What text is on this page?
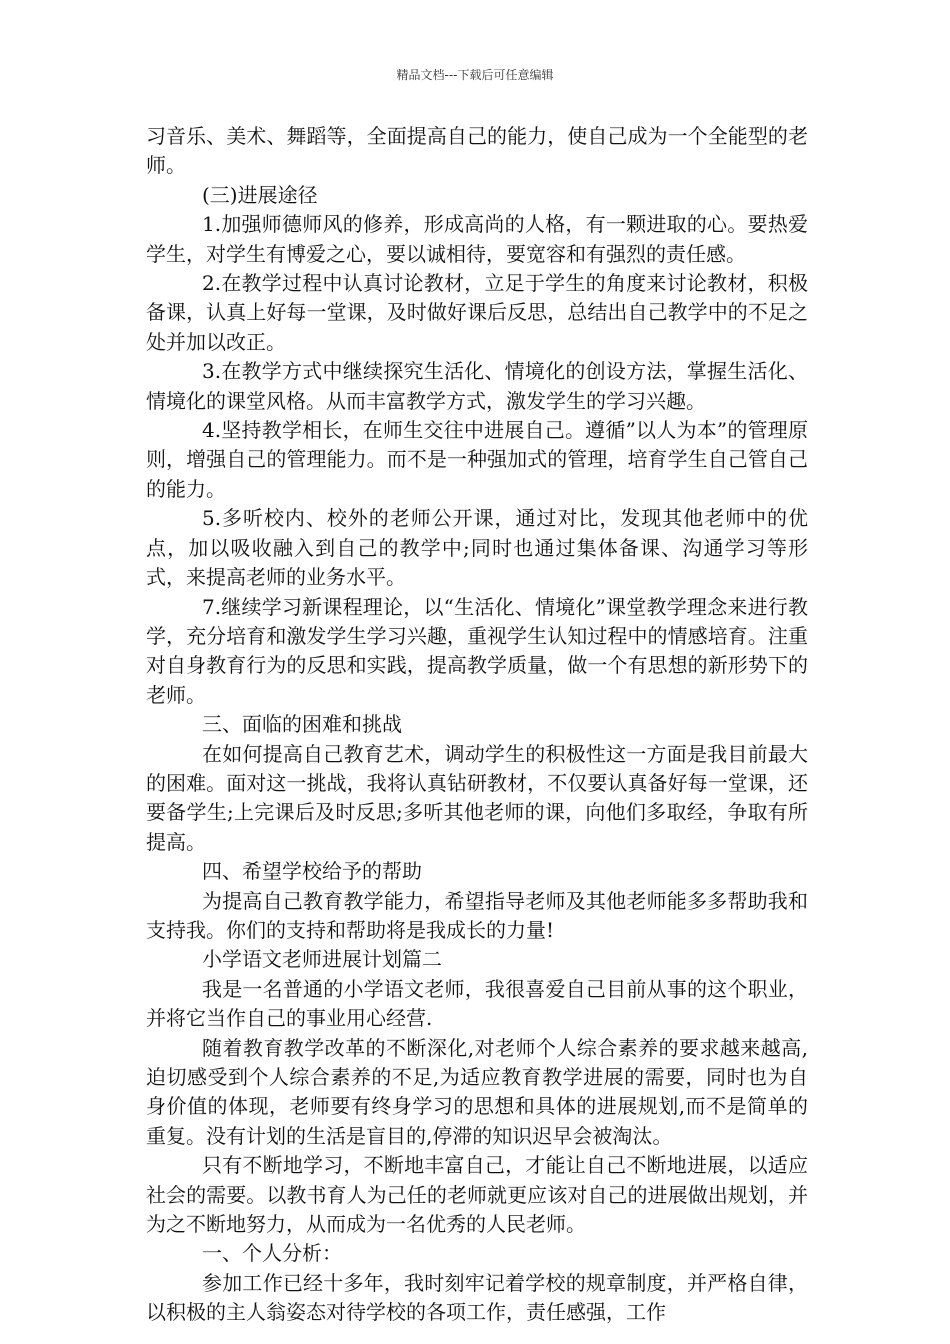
精品文档---下载后可任意编辑

习音乐、美术、舞蹈等，全面提高自己的能力，使自己成为一个全能型的老师。

(三)进展途径

1.加强师德师风的修养，形成高尚的人格，有一颗进取的心。要热爱学生，对学生有博爱之心，要以诚相待，要宽容和有强烈的责任感。

2.在教学过程中认真讨论教材，立足于学生的角度来讨论教材，积极备课，认真上好每一堂课，及时做好课后反思，总结出自己教学中的不足之处并加以改正。

3.在教学方式中继续探究生活化、情境化的创设方法，掌握生活化、情境化的课堂风格。从而丰富教学方式，激发学生的学习兴趣。

4.坚持教学相长，在师生交往中进展自己。遵循”以人为本”的管理原则，增强自己的管理能力。而不是一种强加式的管理，培育学生自己管自己的能力。

5.多听校内、校外的老师公开课，通过对比，发现其他老师中的优点，加以吸收融入到自己的教学中;同时也通过集体备课、沟通学习等形式，来提高老师的业务水平。

7.继续学习新课程理论，以“生活化、情境化”课堂教学理念来进行教学，充分培育和激发学生学习兴趣，重视学生认知过程中的情感培育。注重对自身教育行为的反思和实践，提高教学质量，做一个有思想的新形势下的老师。

三、面临的困难和挑战

在如何提高自己教育艺术，调动学生的积极性这一方面是我目前最大的困难。面对这一挑战，我将认真钻研教材，不仅要认真备好每一堂课，还要备学生;上完课后及时反思;多听其他老师的课，向他们多取经，争取有所提高。

四、希望学校给予的帮助

为提高自己教育教学能力，希望指导老师及其他老师能多多帮助我和支持我。你们的支持和帮助将是我成长的力量!

小学语文老师进展计划篇二

我是一名普通的小学语文老师，我很喜爱自己目前从事的这个职业，并将它当作自己的事业用心经营.

随着教育教学改革的不断深化,对老师个人综合素养的要求越来越高,迫切感受到个人综合素养的不足,为适应教育教学进展的需要，同时也为自身价值的体现，老师要有终身学习的思想和具体的进展规划,而不是简单的重复。没有计划的生活是盲目的,停滞的知识迟早会被淘汰。

只有不断地学习，不断地丰富自己，才能让自己不断地进展，以适应社会的需要。以教书育人为己任的老师就更应该对自己的进展做出规划，并为之不断地努力，从而成为一名优秀的人民老师。

一、个人分析：

参加工作已经十多年，我时刻牢记着学校的规章制度，并严格自律，以积极的主人翁姿态对待学校的各项工作，责任感强，工作
